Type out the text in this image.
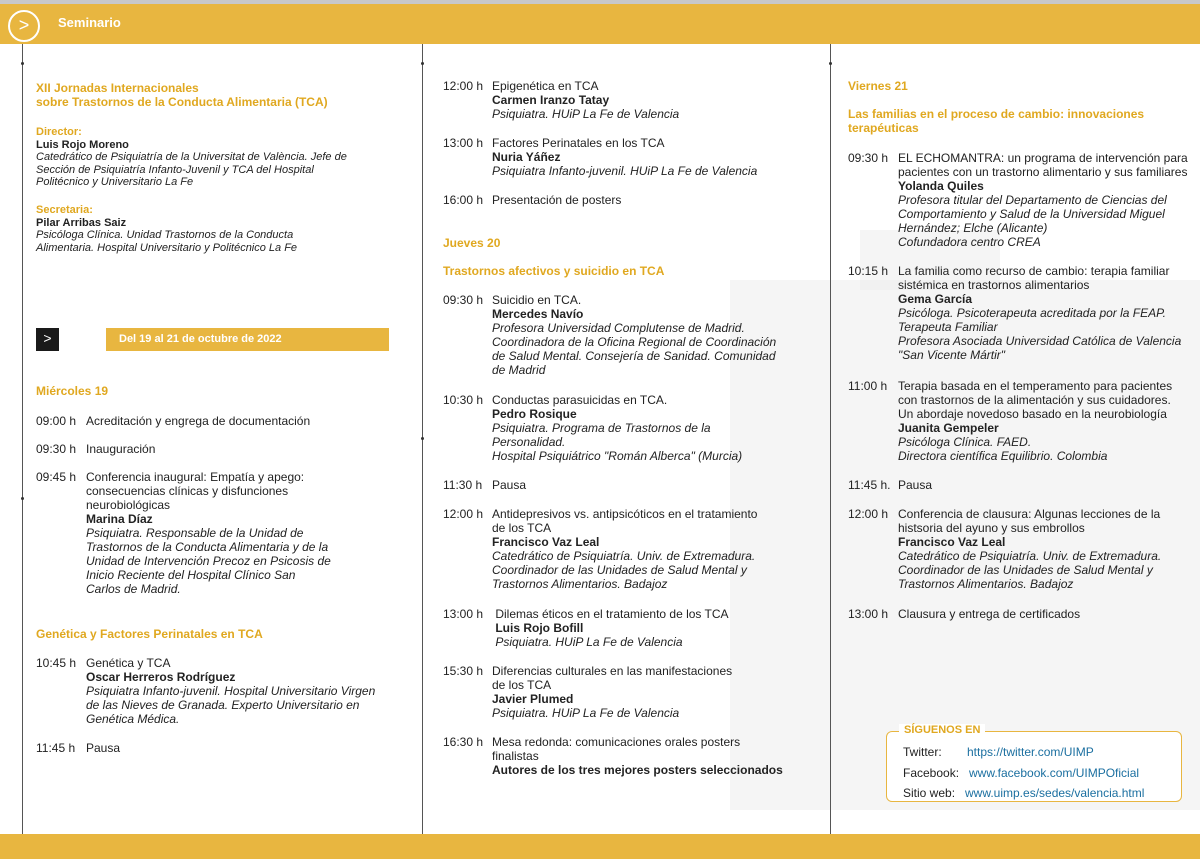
>	Seminario
XII Jornadas Internacionales
sobre Trastornos de la Conducta Alimentaria (TCA)
Director:
Luis Rojo Moreno
Catedrático de Psiquiatría de la Universitat de València. Jefe de
Sección de Psiquiatría Infanto-Juvenil y TCA del Hospital
Politécnico y Universitario La Fe
Secretaria:
Pilar Arribas Saiz
Psicóloga Clínica. Unidad Trastornos de la Conducta
Alimentaria. Hospital Universitario y Politécnico La Fe
>	Del 19 al 21 de octubre de 2022
Miércoles 19
09:00 h Acreditación y engrega de documentación
09:30 h Inauguración
09:45 h Conferencia inaugural: Empatía y apego:
consecuencias clínicas y disfunciones
neurobiológicas
Marina Díaz
Psiquiatra. Responsable de la Unidad de
Trastornos de la Conducta Alimentaria y de la
Unidad de Intervención Precoz en Psicosis de
Inicio Reciente del Hospital Clínico San
Carlos de Madrid.
Genética y Factores Perinatales en TCA
10:45 h Genética y TCA
Oscar Herreros Rodríguez
Psiquiatra Infanto-juvenil. Hospital Universitario Virgen
de las Nieves de Granada. Experto Universitario en
Genética Médica.
11:45 h Pausa
12:00 h Epigenética en TCA
Carmen Iranzo Tatay
Psiquiatra. HUiP La Fe de Valencia
13:00 h Factores Perinatales en los TCA
Nuria Yáñez
Psiquiatra Infanto-juvenil. HUiP La Fe de Valencia
16:00 h Presentación de posters
Jueves 20
Trastornos afectivos y suicidio en TCA
09:30 h Suicidio en TCA.
Mercedes Navío
Profesora Universidad Complutense de Madrid.
Coordinadora de la Oficina Regional de Coordinación
de Salud Mental. Consejería de Sanidad. Comunidad
de Madrid
10:30 h Conductas parasuicidas en TCA.
Pedro Rosique
Psiquiatra. Programa de Trastornos de la
Personalidad.
Hospital Psiquiátrico "Román Alberca" (Murcia)
11:30 h Pausa
12:00 h Antidepresivos vs. antipsicóticos en el tratamiento
de los TCA
Francisco Vaz Leal
Catedrático de Psiquiatría. Univ. de Extremadura.
Coordinador de las Unidades de Salud Mental y
Trastornos Alimentarios. Badajoz
13:00 h Dilemas éticos en el tratamiento de los TCA
Luis Rojo Bofill
Psiquiatra. HUiP La Fe de Valencia
15:30 h Diferencias culturales en las manifestaciones
de los TCA
Javier Plumed
Psiquiatra. HUiP La Fe de Valencia
16:30 h Mesa redonda: comunicaciones orales posters
finalistas
Autores de los tres mejores posters seleccionados
Viernes 21
Las familias en el proceso de cambio: innovaciones
terapéuticas
09:30 h EL ECHOMANTRA: un programa de intervención para
pacientes con un trastorno alimentario y sus familiares
Yolanda Quiles
Profesora titular del Departamento de Ciencias del
Comportamiento y Salud de la Universidad Miguel
Hernández; Elche (Alicante)
Cofundadora centro CREA
10:15 h La familia como recurso de cambio: terapia familiar
sistémica en trastornos alimentarios
Gema García
Psicóloga. Psicoterapeuta acreditada por la FEAP.
Terapeuta Familiar
Profesora Asociada Universidad Católica de Valencia
"San Vicente Mártir"
11:00 h Terapia basada en el temperamento para pacientes
con trastornos de la alimentación y sus cuidadores.
Un abordaje novedoso basado en la neurobiología
Juanita Gempeler
Psicóloga Clínica. FAED.
Directora científica Equilibrio. Colombia
11:45 h. Pausa
12:00 h Conferencia de clausura: Algunas lecciones de la
histsoria del ayuno y sus embrollos
Francisco Vaz Leal
Catedrático de Psiquiatría. Univ. de Extremadura.
Coordinador de las Unidades de Salud Mental y
Trastornos Alimentarios. Badajoz
13:00 h Clausura y entrega de certificados
SÍGUENOS EN
Twitter: https://twitter.com/UIMP
Facebook: www.facebook.com/UIMPOficial
Sitio web: www.uimp.es/sedes/valencia.html
